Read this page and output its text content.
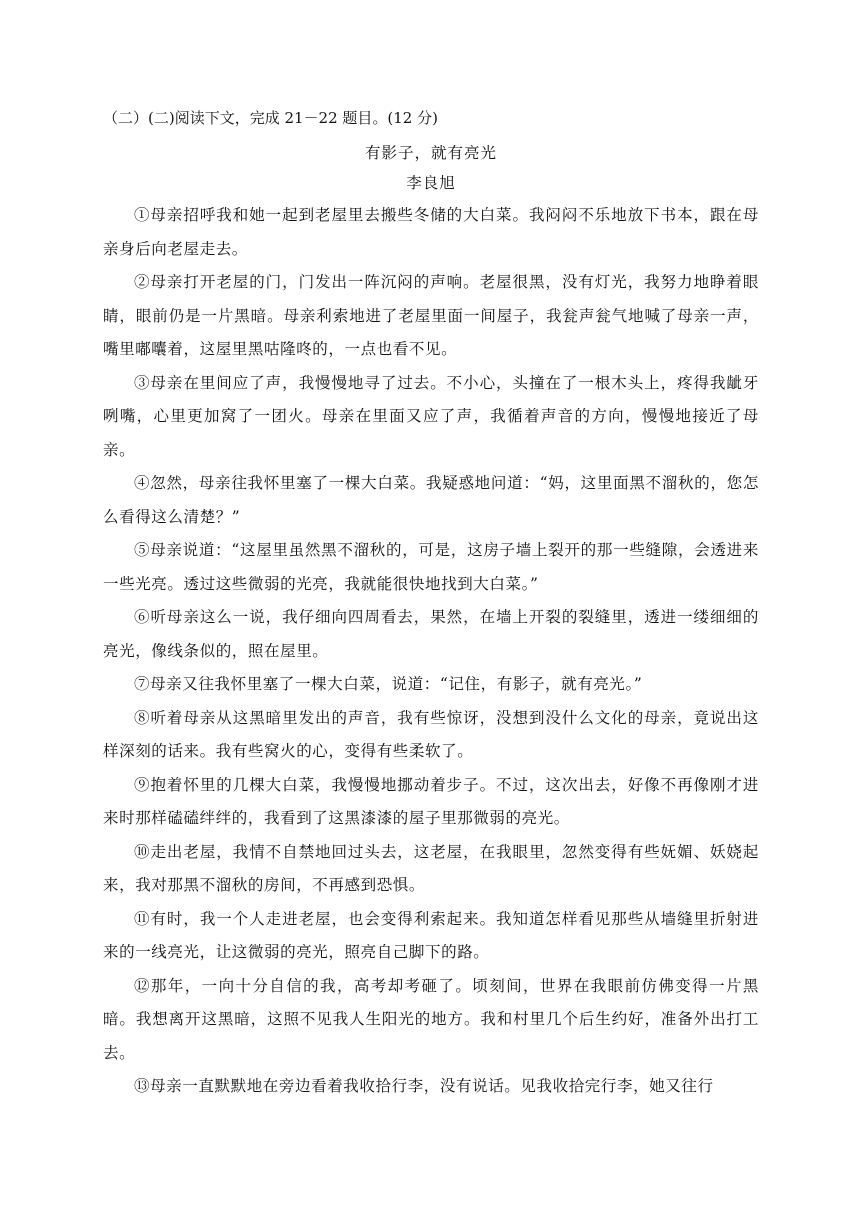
（二）(二)阅读下文，完成 21－22 题目。(12 分)

有影子，就有亮光

李良旭

①母亲招呼我和她一起到老屋里去搬些冬储的大白菜。我闷闷不乐地放下书本，跟在母亲身后向老屋走去。

②母亲打开老屋的门，门发出一阵沉闷的声响。老屋很黑，没有灯光，我努力地睁着眼睛，眼前仍是一片黑暗。母亲利索地进了老屋里面一间屋子，我瓮声瓮气地喊了母亲一声，嘴里嘟囔着，这屋里黑咕隆咚的，一点也看不见。

③母亲在里间应了声，我慢慢地寻了过去。不小心，头撞在了一根木头上，疼得我龇牙咧嘴，心里更加窝了一团火。母亲在里面又应了声，我循着声音的方向，慢慢地接近了母亲。

④忽然，母亲往我怀里塞了一棵大白菜。我疑惑地问道：“妈，这里面黑不溜秋的，您怎么看得这么清楚？”

⑤母亲说道：“这屋里虽然黑不溜秋的，可是，这房子墙上裂开的那一些缝隙，会透进来一些光亮。透过这些微弱的光亮，我就能很快地找到大白菜。”

⑥听母亲这么一说，我仔细向四周看去，果然，在墙上开裂的裂缝里，透进一缕细细的亮光，像线条似的，照在屋里。

⑦母亲又往我怀里塞了一棵大白菜，说道：“记住，有影子，就有亮光。”

⑧听着母亲从这黑暗里发出的声音，我有些惊讶，没想到没什么文化的母亲，竟说出这样深刻的话来。我有些窝火的心，变得有些柔软了。

⑨抱着怀里的几棵大白菜，我慢慢地挪动着步子。不过，这次出去，好像不再像刚才进来时那样磕磕绊绊的，我看到了这黑漆漆的屋子里那微弱的亮光。

⑩走出老屋，我情不自禁地回过头去，这老屋，在我眼里，忽然变得有些妩媚、妖娆起来，我对那黑不溜秋的房间，不再感到恐惧。

⑪有时，我一个人走进老屋，也会变得利索起来。我知道怎样看见那些从墙缝里折射进来的一线亮光，让这微弱的亮光，照亮自己脚下的路。

⑫那年，一向十分自信的我，高考却考砸了。顷刻间，世界在我眼前仿佛变得一片黑暗。我想离开这黑暗，这照不见我人生阳光的地方。我和村里几个后生约好，准备外出打工去。

⑬母亲一直默默地在旁边看着我收拾行李，没有说话。见我收拾完行李，她又往行
